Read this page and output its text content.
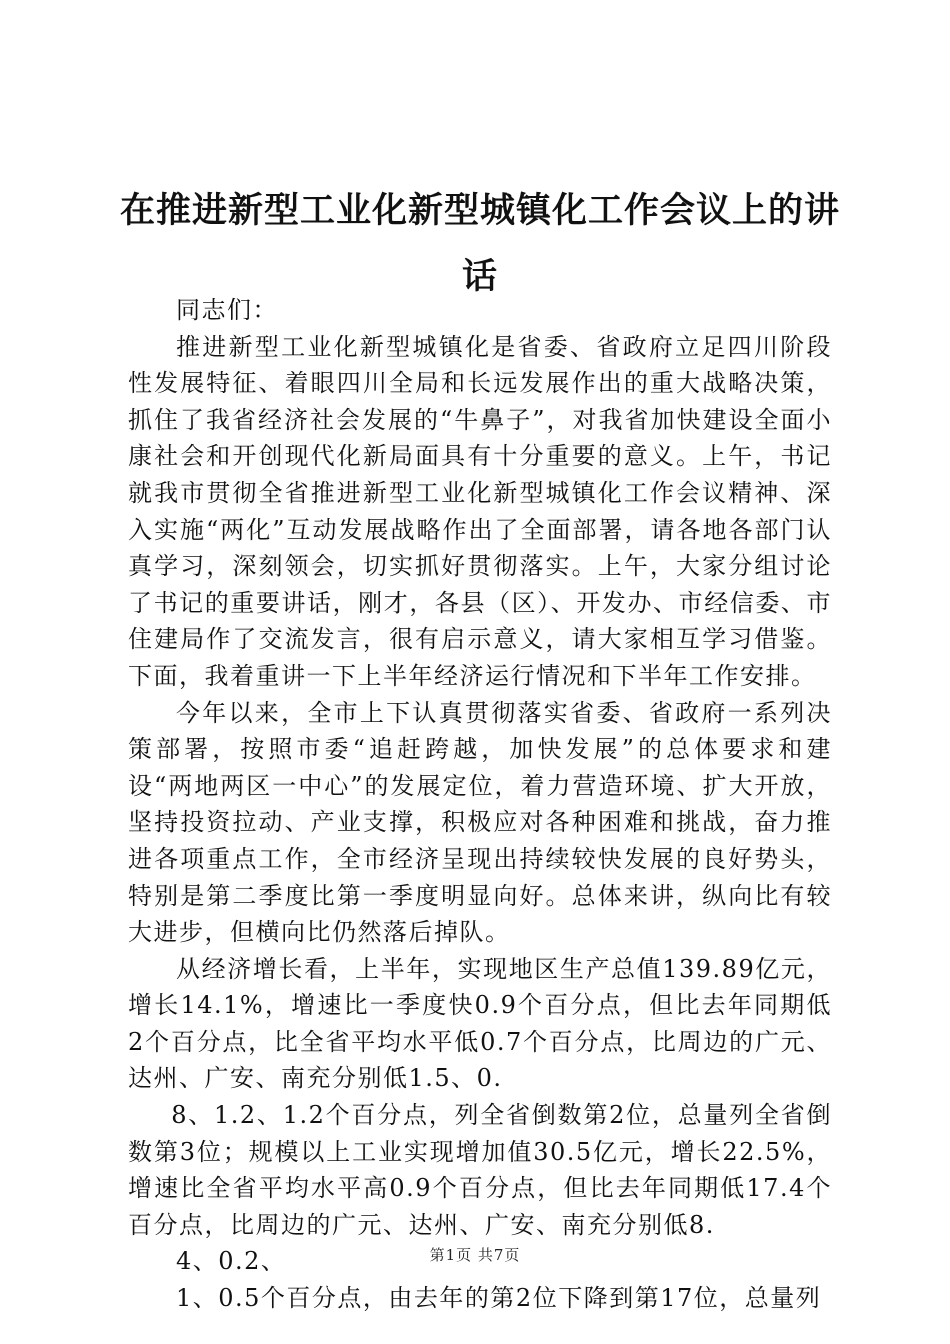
在推进新型工业化新型城镇化工作会议上的讲话

同志们：

推进新型工业化新型城镇化是省委、省政府立足四川阶段性发展特征、着眼四川全局和长远发展作出的重大战略决策，抓住了我省经济社会发展的“牛鼻子”，对我省加快建设全面小康社会和开创现代化新局面具有十分重要的意义。上午，书记就我市贯彻全省推进新型工业化新型城镇化工作会议精神、深入实施“两化”互动发展战略作出了全面部署，请各地各部门认真学习，深刻领会，切实抓好贯彻落实。上午，大家分组讨论了书记的重要讲话，刚才，各县（区）、开发办、市经信委、市住建局作了交流发言，很有启示意义，请大家相互学习借鉴。下面，我着重讲一下上半年经济运行情况和下半年工作安排。

今年以来，全市上下认真贯彻落实省委、省政府一系列决策部署，按照市委“追赶跨越，加快发展”的总体要求和建设“两地两区一中心”的发展定位，着力营造环境、扩大开放，坚持投资拉动、产业支撑，积极应对各种困难和挑战，奋力推进各项重点工作，全市经济呈现出持续较快发展的良好势头，特别是第二季度比第一季度明显向好。总体来讲，纵向比有较大进步，但横向比仍然落后掉队。

从经济增长看，上半年，实现地区生产总值139.89亿元，增长14.1%，增速比一季度快0.9个百分点，但比去年同期低2个百分点，比全省平均水平低0.7个百分点，比周边的广元、达州、广安、南充分别低1.5、0.

8、1.2、1.2个百分点，列全省倒数第2位，总量列全省倒数第3位；规模以上工业实现增加值30.5亿元，增长22.5%，增速比全省平均水平高0.9个百分点，但比去年同期低17.4个百分点，比周边的广元、达州、广安、南充分别低8.

4、0.2、

1、0.5个百分点，由去年的第2位下降到第17位，总量列

第1页 共7页
